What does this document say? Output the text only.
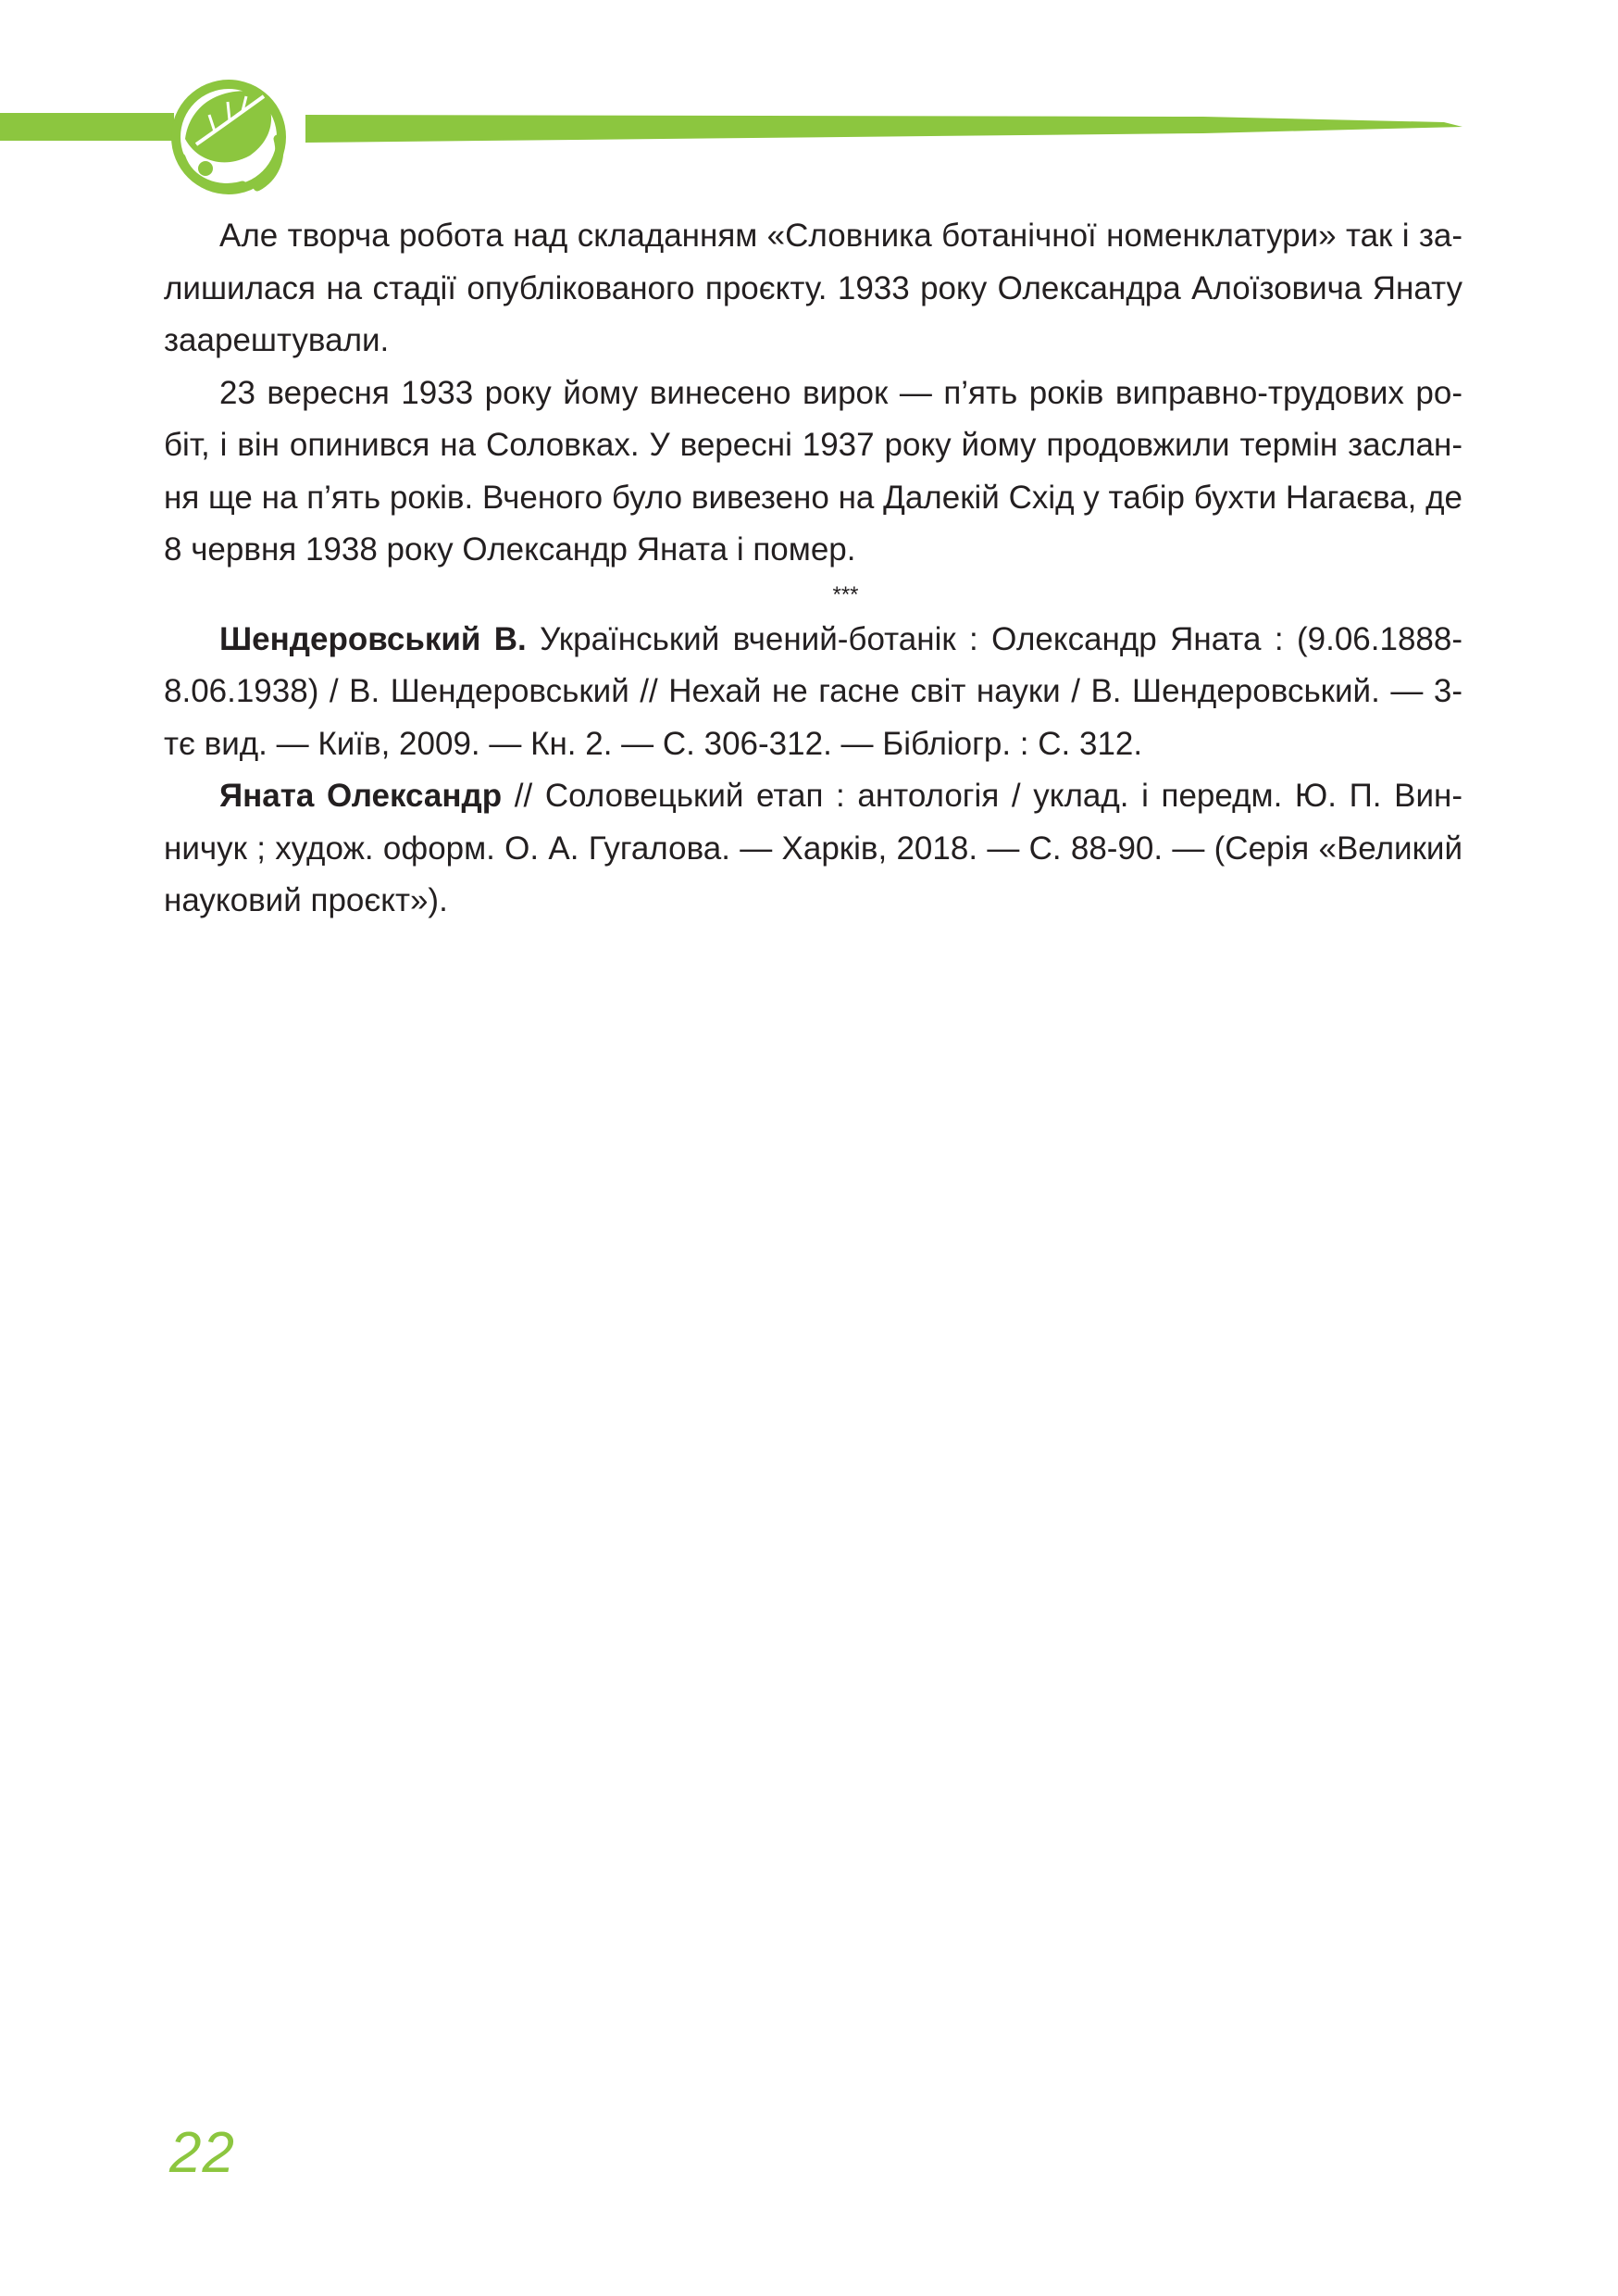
Але творча робота над складанням «Словника ботанічної номенклатури» так і залишилася на стадії опублікованого проєкту. 1933 року Олександра Алоїзовича Янату заарештували.

23 вересня 1933 року йому винесено вирок — п’ять років виправно-трудових робіт, і він опинився на Соловках. У вересні 1937 року йому продовжили термін заслання ще на п’ять років. Вченого було вивезено на Далекій Схід у табір бухти Нагаєва, де 8 червня 1938 року Олександр Яната і помер.

***

Шендеровський В. Український вчений-ботанік : Олександр Яната : (9.06.1888-8.06.1938) / В. Шендеровський // Нехай не гасне світ науки / В. Шендеровський. — 3-тє вид. — Київ, 2009. — Кн. 2. — С. 306-312. — Бібліогр. : С. 312.

Яната Олександр // Соловецький етап : антологія / уклад. і передм. Ю. П. Винничук ; худож. оформ. О. А. Гугалова. — Харків, 2018. — С. 88-90. — (Серія «Великий науковий проєкт»).

22
